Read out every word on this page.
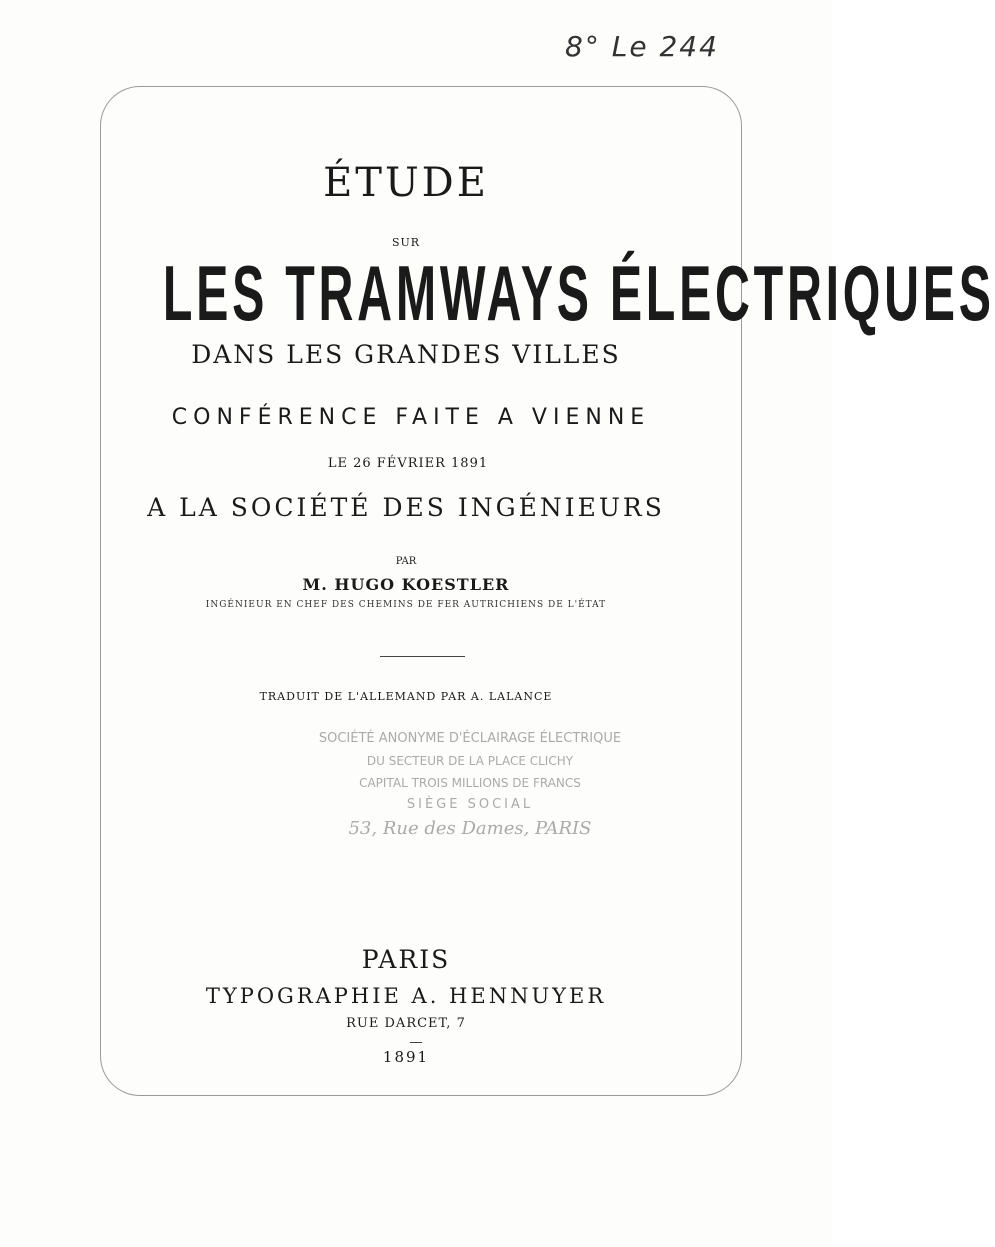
8° Le 244
ÉTUDE
SUR
LES TRAMWAYS ÉLECTRIQUES
DANS LES GRANDES VILLES
CONFÉRENCE FAITE A VIENNE
LE 26 FÉVRIER 1891
A LA SOCIÉTÉ DES INGÉNIEURS
PAR
M. HUGO KOESTLER
INGÉNIEUR EN CHEF DES CHEMINS DE FER AUTRICHIENS DE L'ÉTAT
TRADUIT DE L'ALLEMAND PAR A. LALANCE
SOCIÉTÉ ANONYME D'ÉCLAIRAGE ÉLECTRIQUE
DU SECTEUR DE LA PLACE CLICHY
CAPITAL TROIS MILLIONS DE FRANCS
SIÈGE SOCIAL
53, Rue des Dames, PARIS
PARIS
TYPOGRAPHIE A. HENNUYER
RUE DARCET, 7
1891
